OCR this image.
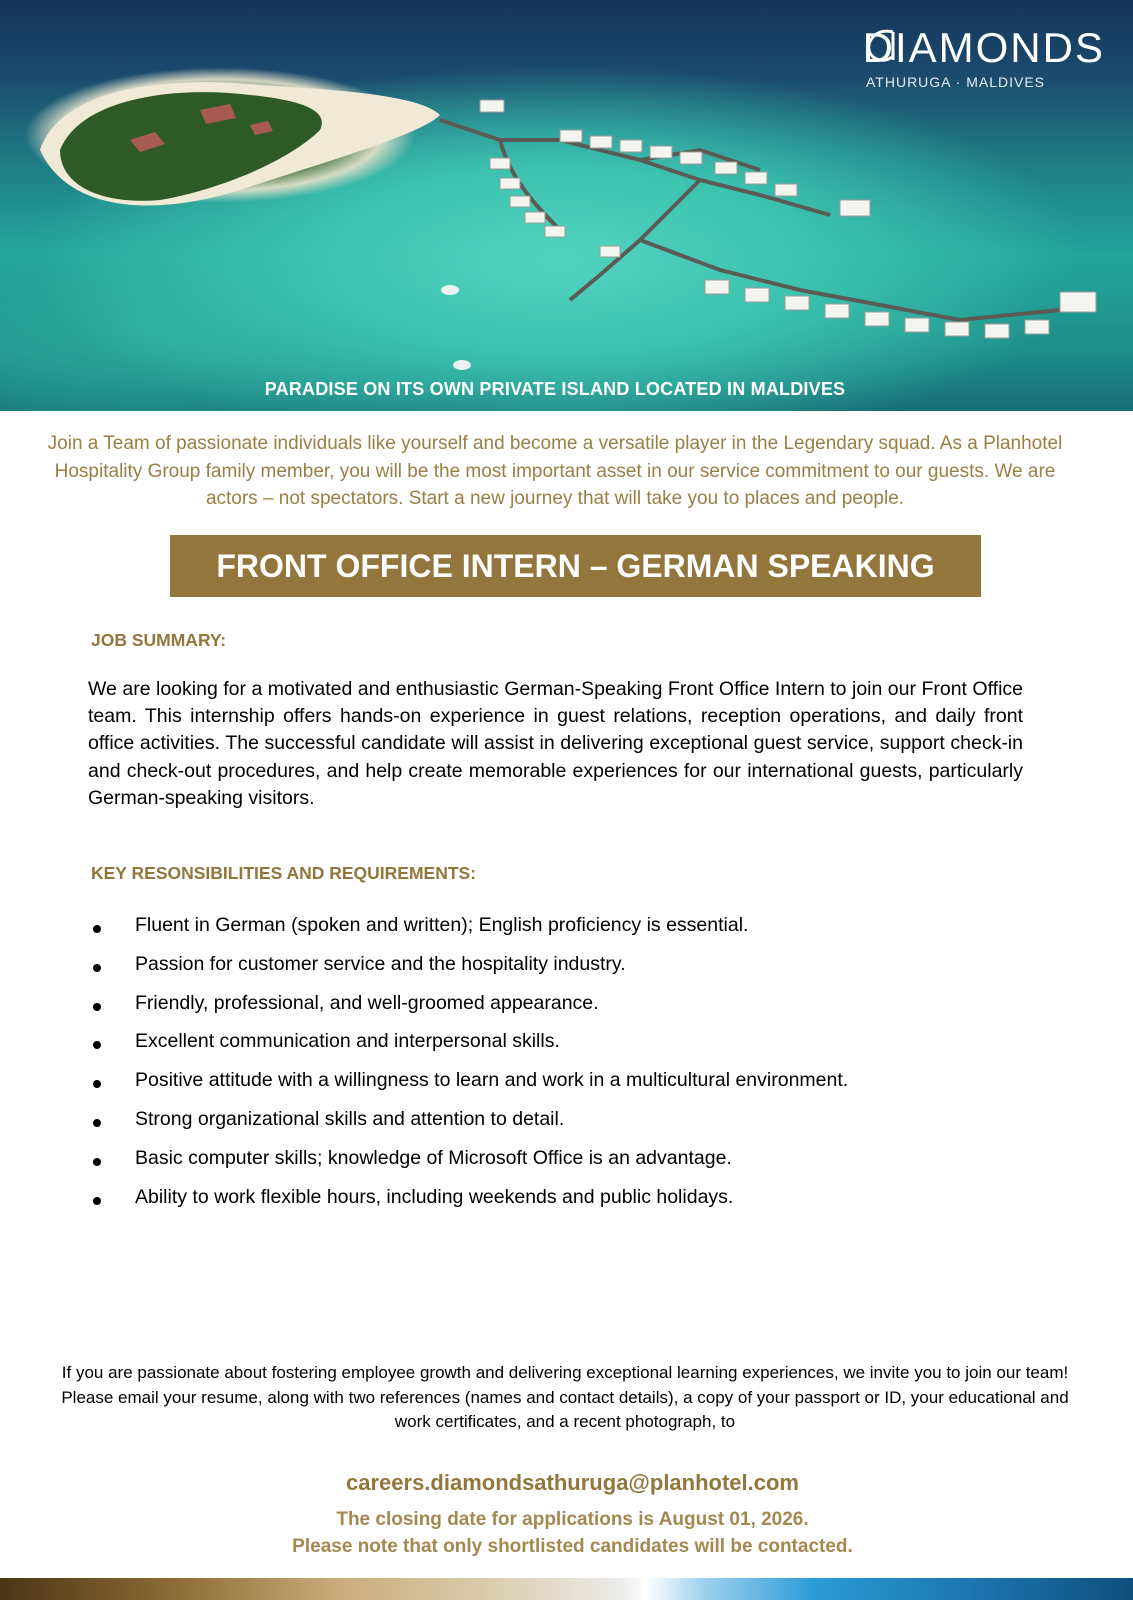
DIAMONDS
ATHURUGA · MALDIVES
PARADISE ON ITS OWN PRIVATE ISLAND LOCATED IN MALDIVES
Join a Team of passionate individuals like yourself and become a versatile player in the Legendary squad. As a Planhotel Hospitality Group family member, you will be the most important asset in our service commitment to our guests. We are actors – not spectators. Start a new journey that will take you to places and people.
FRONT OFFICE INTERN – GERMAN SPEAKING
JOB SUMMARY:

We are looking for a motivated and enthusiastic German-Speaking Front Office Intern to join our Front Office team. This internship offers hands-on experience in guest relations, reception operations, and daily front office activities. The successful candidate will assist in delivering exceptional guest service, support check-in and check-out procedures, and help create memorable experiences for our international guests, particularly German-speaking visitors.

KEY RESONSIBILITIES AND REQUIREMENTS:
Fluent in German (spoken and written); English proficiency is essential.
Passion for customer service and the hospitality industry.
Friendly, professional, and well-groomed appearance.
Excellent communication and interpersonal skills.
Positive attitude with a willingness to learn and work in a multicultural environment.
Strong organizational skills and attention to detail.
Basic computer skills; knowledge of Microsoft Office is an advantage.
Ability to work flexible hours, including weekends and public holidays.
If you are passionate about fostering employee growth and delivering exceptional learning experiences, we invite you to join our team! Please email your resume, along with two references (names and contact details), a copy of your passport or ID, your educational and work certificates, and a recent photograph, to
careers.diamondsathuruga@planhotel.com
The closing date for applications is August 01, 2026.
Please note that only shortlisted candidates will be contacted.
